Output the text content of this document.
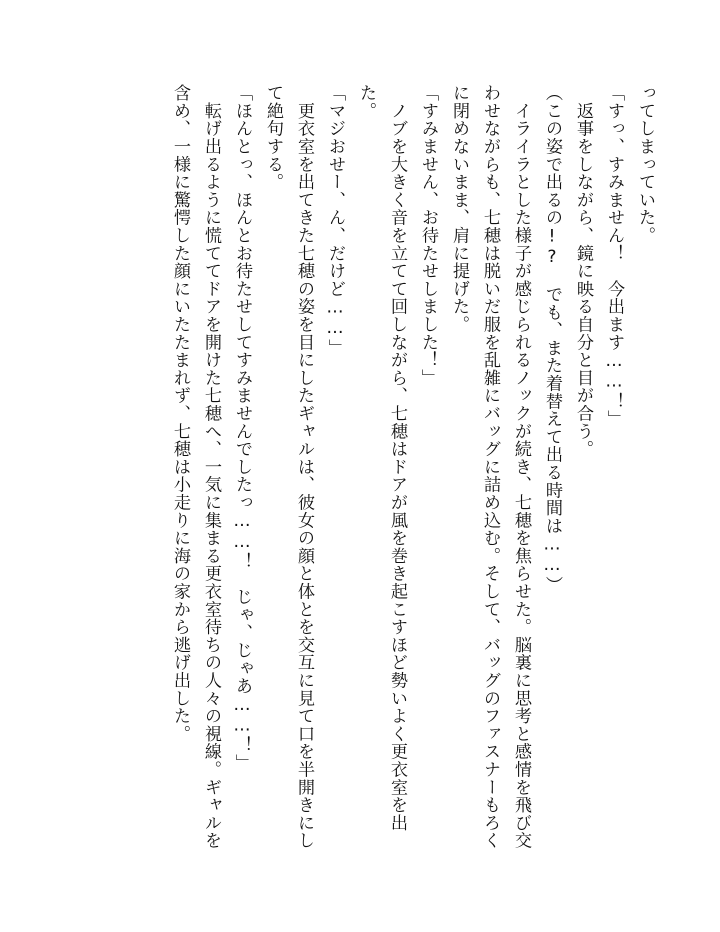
ってしまっていた。
「すっ、すみません！　今出ます……！」
　返事をしながら、鏡に映る自分と目が合う。
（この姿で出るの!?　でも、また着替えて出る時間は……）
　イライラとした様子が感じられるノックが続き、七穂を焦らせた。脳裏に思考と感情を飛び交
わせながらも、七穂は脱いだ服を乱雑にバッグに詰め込む。そして、バッグのファスナーもろく
に閉めないまま、肩に提げた。
「すみません、お待たせしました！」
　ノブを大きく音を立てて回しながら、七穂はドアが風を巻き起こすほど勢いよく更衣室を出
た。
「マジおせー、ん、だけど……」
　更衣室を出てきた七穂の姿を目にしたギャルは、彼女の顔と体とを交互に見て口を半開きにし
て絶句する。
「ほんとっ、ほんとお待たせしてすみませんでしたっ……！　じゃ、じゃあ……！」
　転げ出るように慌ててドアを開けた七穂へ、一気に集まる更衣室待ちの人々の視線。ギャルを
含め、一様に驚愕した顔にいたたまれず、七穂は小走りに海の家から逃げ出した。
